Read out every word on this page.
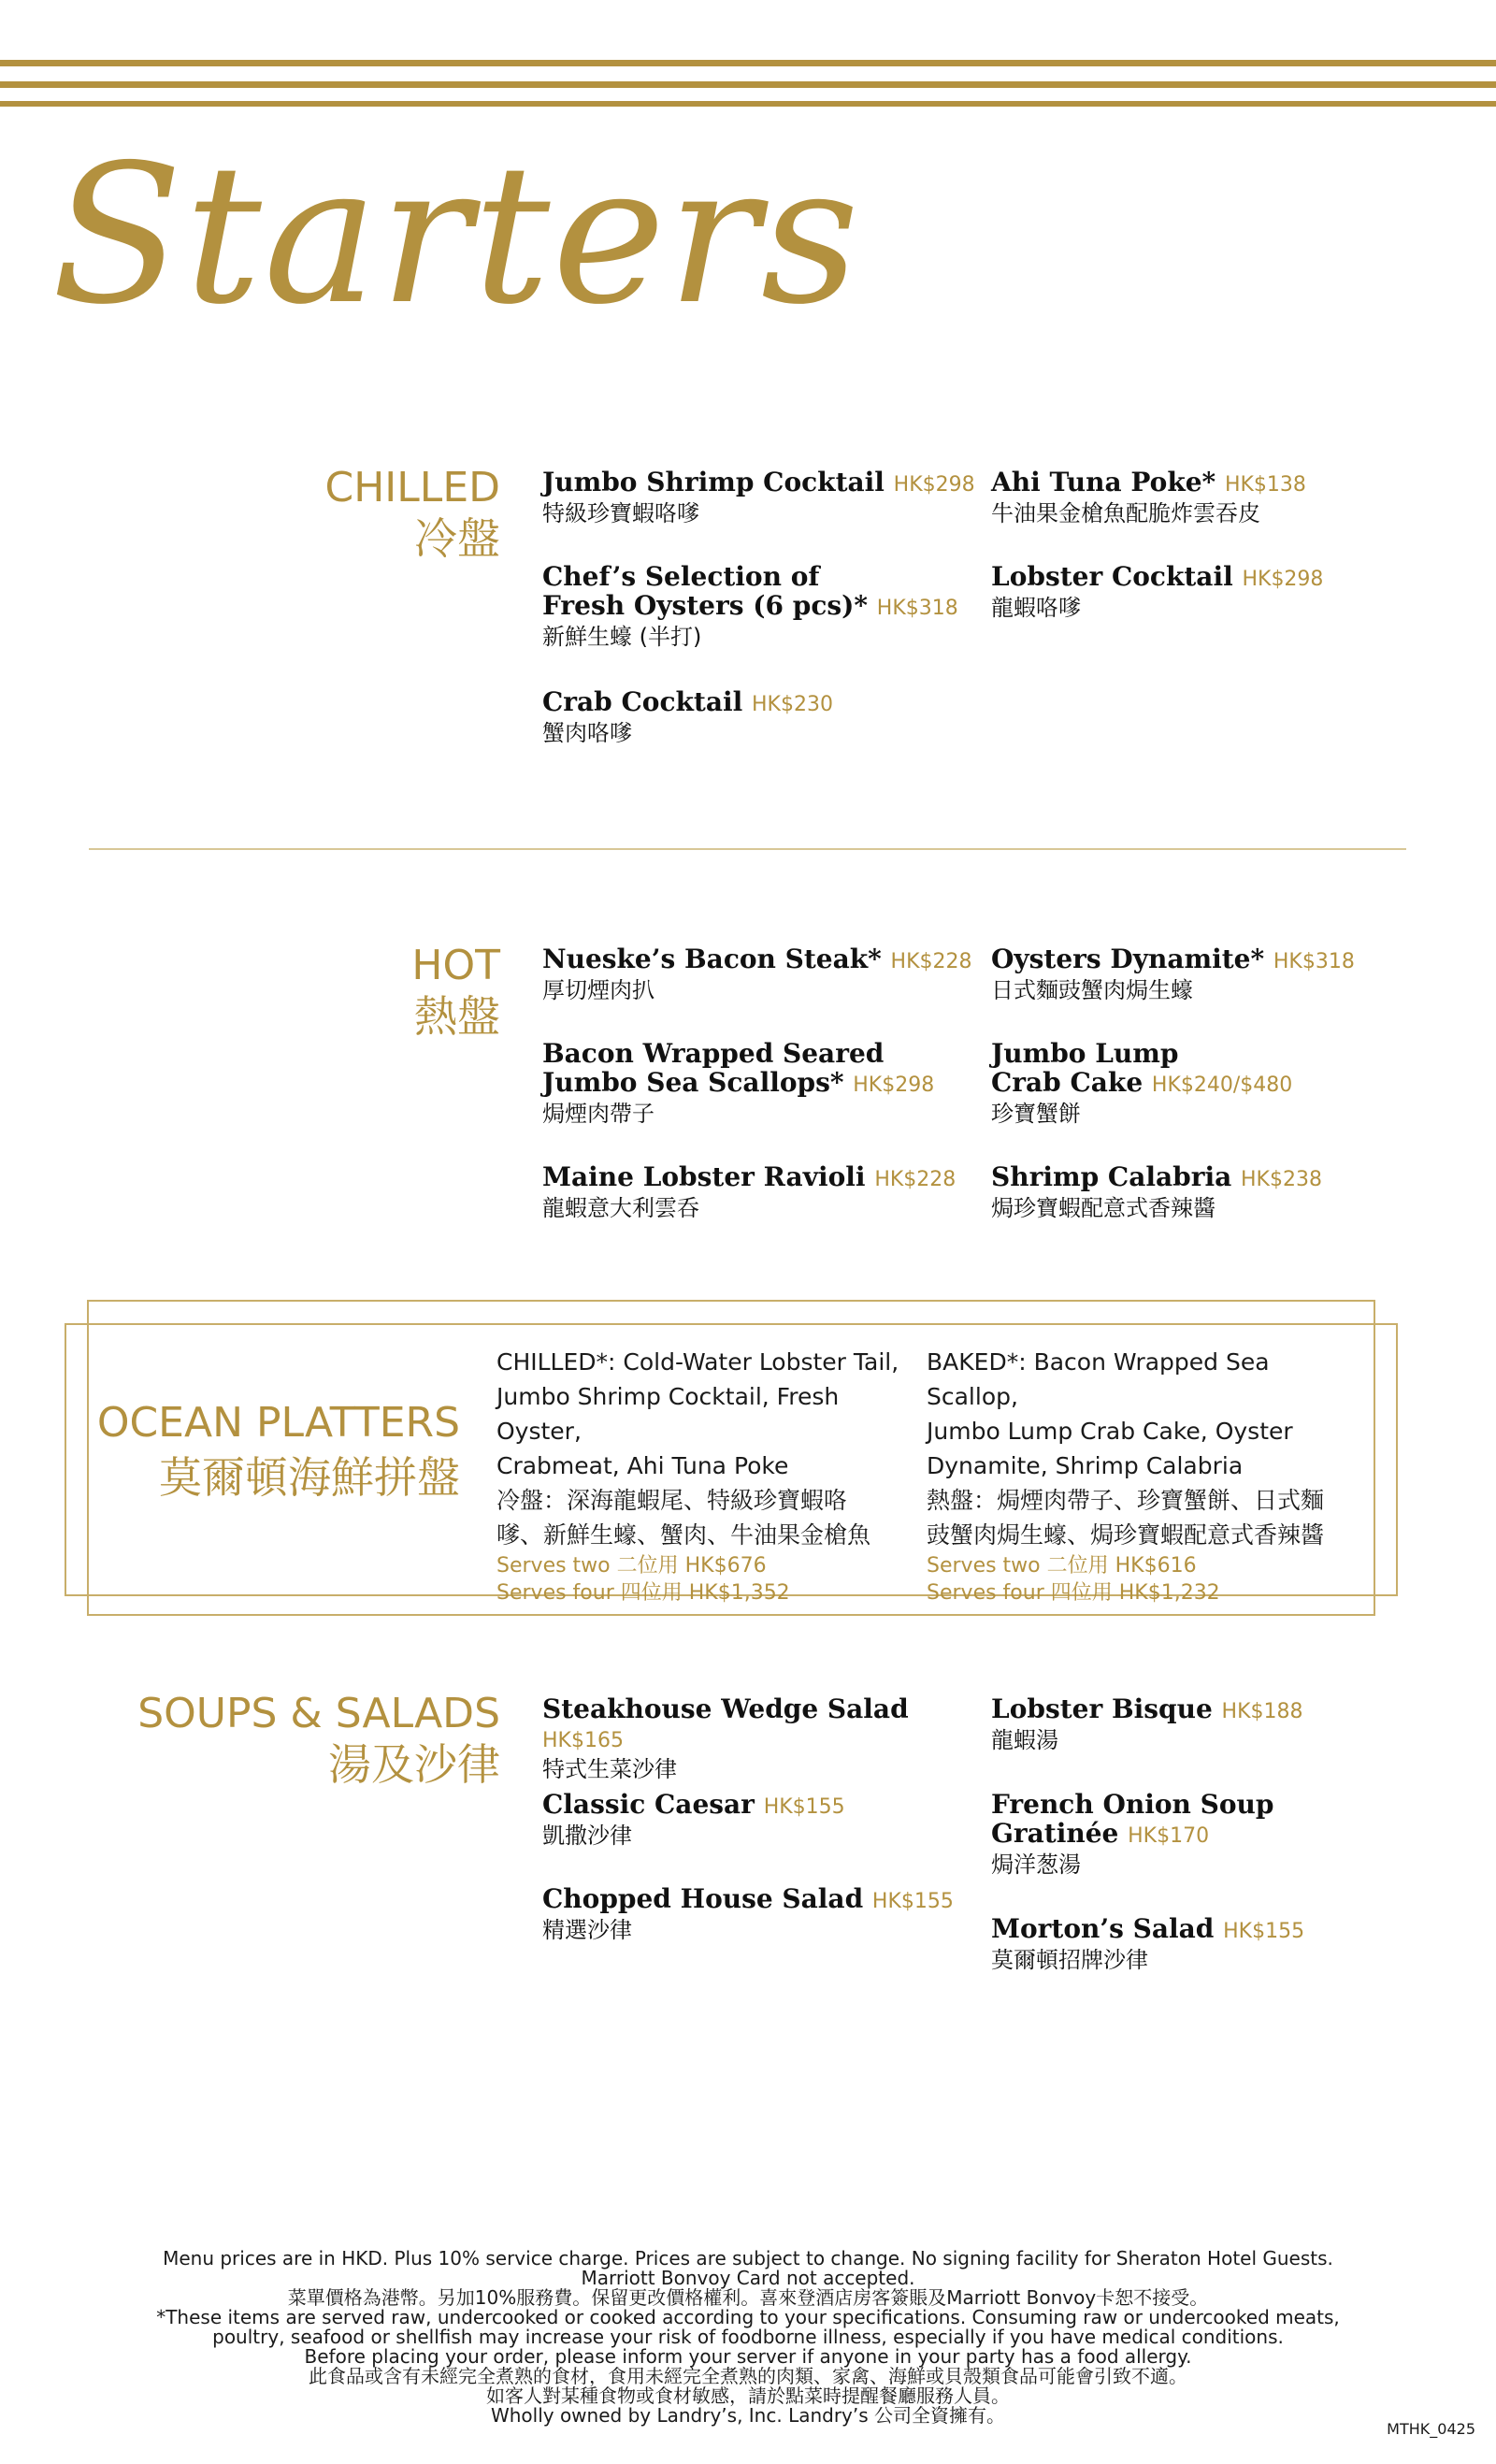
Starters
CHILLED
冷盤
Jumbo Shrimp Cocktail HK$298
特級珍寶蝦咯嗲
Ahi Tuna Poke* HK$138
牛油果金槍魚配脆炸雲吞皮
Chef’s Selection of
Fresh Oysters (6 pcs)* HK$318
新鮮生蠔 (半打)
Lobster Cocktail HK$298
龍蝦咯嗲
Crab Cocktail HK$230
蟹肉咯嗲
HOT
熱盤
Nueske’s Bacon Steak* HK$228
厚切煙肉扒
Oysters Dynamite* HK$318
日式麵豉蟹肉焗生蠔
Bacon Wrapped Seared
Jumbo Sea Scallops* HK$298
焗煙肉帶子
Jumbo Lump
Crab Cake HK$240/$480
珍寶蟹餅
Maine Lobster Ravioli HK$228
龍蝦意大利雲呑
Shrimp Calabria HK$238
焗珍寶蝦配意式香辣醬
OCEAN PLATTERS
莫爾頓海鮮拼盤
CHILLED*: Cold-Water Lobster Tail,
Jumbo Shrimp Cocktail, Fresh Oyster,
Crabmeat, Ahi Tuna Poke
冷盤：深海龍蝦尾、特級珍寶蝦咯
嗲、新鮮生蠔、蟹肉、牛油果金槍魚
Serves two 二位用 HK$676
Serves four 四位用 HK$1,352
BAKED*: Bacon Wrapped Sea Scallop,
Jumbo Lump Crab Cake, Oyster
Dynamite, Shrimp Calabria
熱盤：焗煙肉帶子、珍寶蟹餅、日式麵
豉蟹肉焗生蠔、焗珍寶蝦配意式香辣醬
Serves two 二位用 HK$616
Serves four 四位用 HK$1,232
SOUPS & SALADS
湯及沙律
Steakhouse Wedge Salad HK$165
特式生菜沙律
Lobster Bisque HK$188
龍蝦湯
Classic Caesar HK$155
凱撒沙律
French Onion Soup
Gratinée HK$170
焗洋葱湯
Chopped House Salad HK$155
精選沙律	Morton’s Salad HK$155
莫爾頓招牌沙律
Menu prices are in HKD. Plus 10% service charge. Prices are subject to change. No signing facility for Sheraton Hotel Guests.
Marriott Bonvoy Card not accepted.
菜單價格為港幣。另加10%服務費。保留更改價格權利。喜來登酒店房客簽賬及Marriott Bonvoy卡恕不接受。
*These items are served raw, undercooked or cooked according to your specifications. Consuming raw or undercooked meats,
poultry, seafood or shellfish may increase your risk of foodborne illness, especially if you have medical conditions.
Before placing your order, please inform your server if anyone in your party has a food allergy.
此食品或含有未經完全煮熟的食材，食用未經完全煮熟的肉類、家禽、海鮮或貝殼類食品可能會引致不適。
如客人對某種食物或食材敏感，請於點菜時提醒餐廳服務人員。
Wholly owned by Landry’s, Inc. Landry’s 公司全資擁有。
MTHK_0425
